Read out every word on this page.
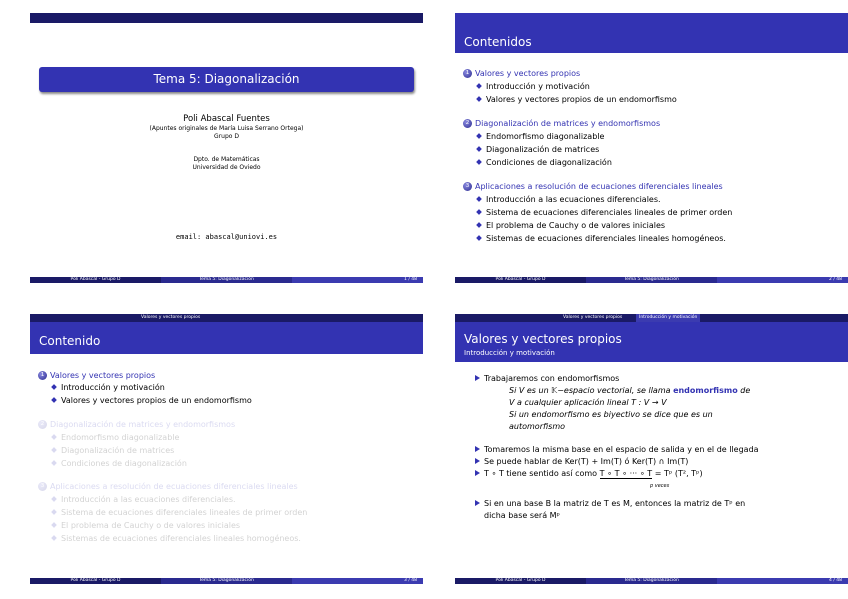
Tema 5: Diagonalización
Poli Abascal Fuentes
(Apuntes originales de María Luisa Serrano Ortega)
Grupo D
Dpto. de Matemáticas
Universidad de Oviedo
email: abascal@uniovi.es
Poli Abascal - Grupo D	Tema 5: Diagonalización	1 / 48
Contenidos
1 Valores y vectores propios
Introducción y motivación
Valores y vectores propios de un endomorfismo
2 Diagonalización de matrices y endomorfismos
Endomorfismo diagonalizable
Diagonalización de matrices
Condiciones de diagonalización
3 Aplicaciones a resolución de ecuaciones diferenciales lineales
Introducción a las ecuaciones diferenciales.
Sistema de ecuaciones diferenciales lineales de primer orden
El problema de Cauchy o de valores iniciales
Sistemas de ecuaciones diferenciales lineales homogéneos.
Poli Abascal - Grupo D	Tema 5: Diagonalización	2 / 48
Valores y vectores propios
Contenido
1 Valores y vectores propios
Introducción y motivación
Valores y vectores propios de un endomorfismo
2 Diagonalización de matrices y endomorfismos
Endomorfismo diagonalizable
Diagonalización de matrices
Condiciones de diagonalización
3 Aplicaciones a resolución de ecuaciones diferenciales lineales
Introducción a las ecuaciones diferenciales.
Sistema de ecuaciones diferenciales lineales de primer orden
El problema de Cauchy o de valores iniciales
Sistemas de ecuaciones diferenciales lineales homogéneos.
Poli Abascal - Grupo D	Tema 5: Diagonalización	3 / 48
Valores y vectores propios	Introducción y motivación
Valores y vectores propios
Introducción y motivación
Trabajaremos con endomorfismos
Si V es un 𝕂−espacio vectorial, se llama endomorfismo de
V a cualquier aplicación lineal T : V → V
Si un endomorfismo es biyectivo se dice que es un
automorfismo
Tomaremos la misma base en el espacio de salida y en el de llegada
Se puede hablar de Ker(T) + Im(T) ó Ker(T) ∩ Im(T)
T ∘ T tiene sentido así como T ∘ T ∘ ··· ∘ T = Tᵖ (T², Tᵖ)
p veces
Si en una base B la matriz de T es M, entonces la matriz de Tᵖ en
dicha base será Mᵖ
Poli Abascal - Grupo D	Tema 5: Diagonalización	4 / 48
